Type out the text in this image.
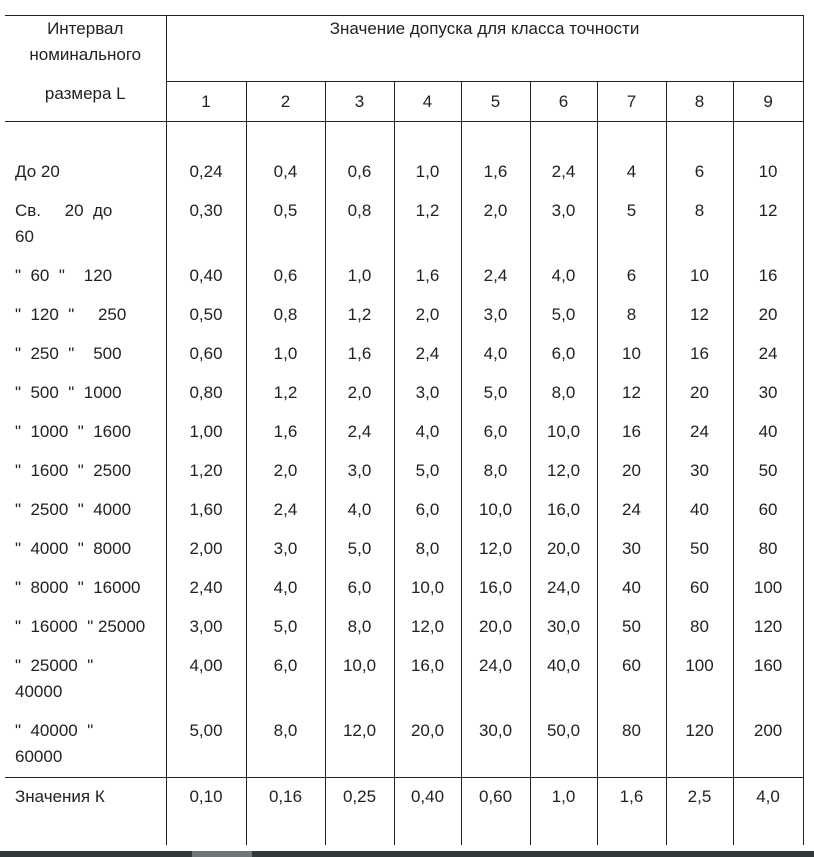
Интервал
номинального
размера L	Значение допуска для класса точности								
	1	2	3	4	5	6	7	8	9

До 20	0,24	0,4	0,6	1,0	1,6	2,4	4	6	10
Св.     20  до
60	0,30	0,5	0,8	1,2	2,0	3,0	5	8	12
"  60  "    120	0,40	0,6	1,0	1,6	2,4	4,0	6	10	16
"  120  "     250	0,50	0,8	1,2	2,0	3,0	5,0	8	12	20
"  250  "    500	0,60	1,0	1,6	2,4	4,0	6,0	10	16	24
"  500  "  1000	0,80	1,2	2,0	3,0	5,0	8,0	12	20	30
"  1000  "  1600	1,00	1,6	2,4	4,0	6,0	10,0	16	24	40
"  1600  "  2500	1,20	2,0	3,0	5,0	8,0	12,0	20	30	50
"  2500  "  4000	1,60	2,4	4,0	6,0	10,0	16,0	24	40	60
"  4000  "  8000	2,00	3,0	5,0	8,0	12,0	20,0	30	50	80
"  8000  "  16000	2,40	4,0	6,0	10,0	16,0	24,0	40	60	100
"  16000  " 25000	3,00	5,0	8,0	12,0	20,0	30,0	50	80	120
"  25000  "
40000	4,00	6,0	10,0	16,0	24,0	40,0	60	100	160
"  40000  "
60000	5,00	8,0	12,0	20,0	30,0	50,0	80	120	200
Значения К	0,10	0,16	0,25	0,40	0,60	1,0	1,6	2,5	4,0
